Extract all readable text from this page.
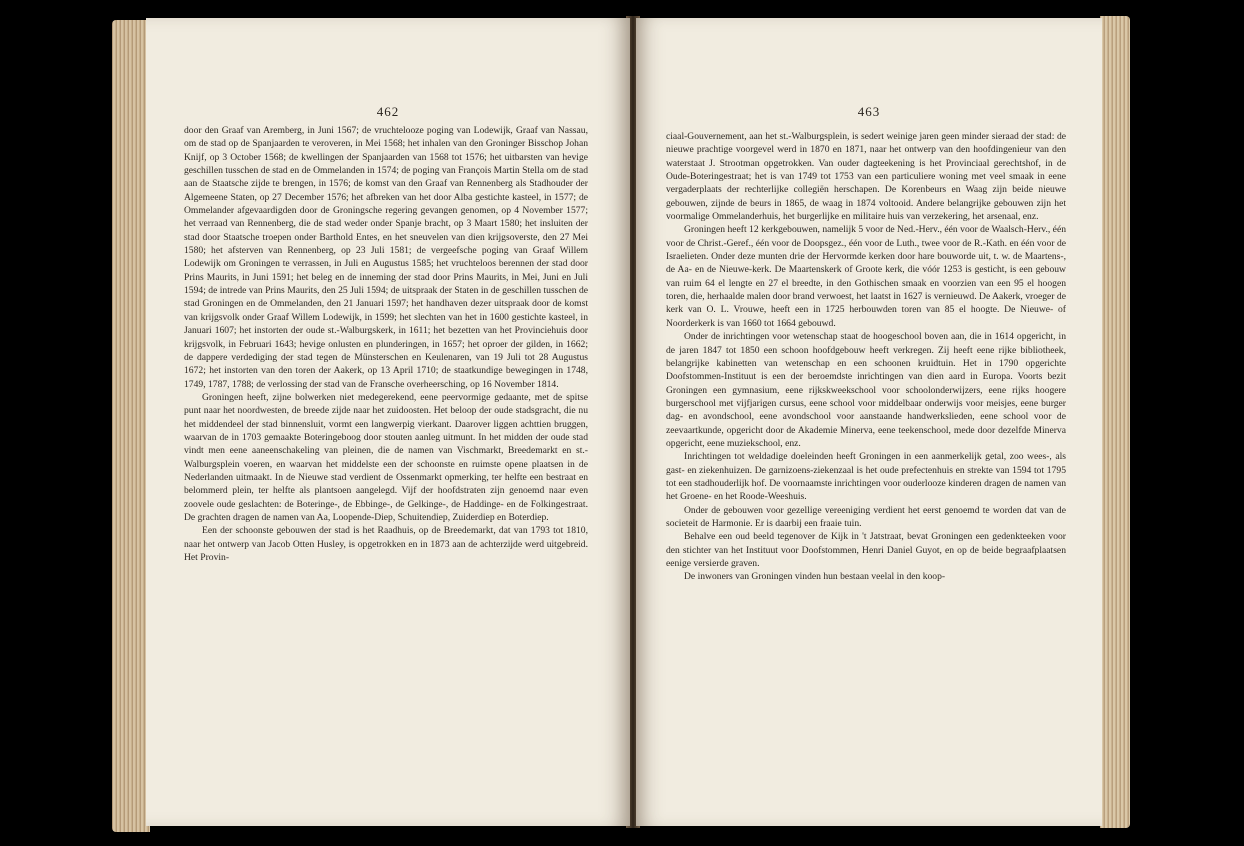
462

door den Graaf van Aremberg, in Juni 1567; de vruchtelooze poging van Lodewijk, Graaf van Nassau, om de stad op de Spanjaarden te veroveren, in Mei 1568; het inhalen van den Groninger Bisschop Johan Knijf, op 3 October 1568; de kwellingen der Spanjaarden van 1568 tot 1576; het uitbarsten van hevige geschillen tusschen de stad en de Ommelanden in 1574; de poging van François Martin Stella om de stad aan de Staatsche zijde te brengen, in 1576; de komst van den Graaf van Rennenberg als Stadhouder der Algemeene Staten, op 27 December 1576; het afbreken van het door Alba gestichte kasteel, in 1577; de Ommelander afgevaardigden door de Groningsche regering gevangen genomen, op 4 November 1577; het verraad van Rennenberg, die de stad weder onder Spanje bracht, op 3 Maart 1580; het insluiten der stad door Staatsche troepen onder Barthold Entes, en het sneuvelen van dien krijgsoverste, den 27 Mei 1580; het afsterven van Rennenberg, op 23 Juli 1581; de vergeefsche poging van Graaf Willem Lodewijk om Groningen te verrassen, in Juli en Augustus 1585; het vruchteloos berennen der stad door Prins Maurits, in Juni 1591; het beleg en de inneming der stad door Prins Maurits, in Mei, Juni en Juli 1594; de intrede van Prins Maurits, den 25 Juli 1594; de uitspraak der Staten in de geschillen tusschen de stad Groningen en de Ommelanden, den 21 Januari 1597; het handhaven dezer uitspraak door de komst van krijgsvolk onder Graaf Willem Lodewijk, in 1599; het slechten van het in 1600 gestichte kasteel, in Januari 1607; het instorten der oude st.-Walburgskerk, in 1611; het bezetten van het Provinciehuis door krijgsvolk, in Februari 1643; hevige onlusten en plunderingen, in 1657; het oproer der gilden, in 1662; de dappere verdediging der stad tegen de Münsterschen en Keulenaren, van 19 Juli tot 28 Augustus 1672; het instorten van den toren der Aakerk, op 13 April 1710; de staatkundige bewegingen in 1748, 1749, 1787, 1788; de verlossing der stad van de Fransche overheersching, op 16 November 1814.

Groningen heeft, zijne bolwerken niet medegerekend, eene peervormige gedaante, met de spitse punt naar het noordwesten, de breede zijde naar het zuidoosten. Het beloop der oude stadsgracht, die nu het middendeel der stad binnensluit, vormt een langwerpig vierkant. Daarover liggen achttien bruggen, waarvan de in 1703 gemaakte Boteringeboog door stouten aanleg uitmunt. In het midden der oude stad vindt men eene aaneenschakeling van pleinen, die de namen van Vischmarkt, Breedemarkt en st.-Walburgsplein voeren, en waarvan het middelste een der schoonste en ruimste opene plaatsen in de Nederlanden uitmaakt. In de Nieuwe stad verdient de Ossenmarkt opmerking, ter helfte een bestraat en belommerd plein, ter helfte als plantsoen aangelegd. Vijf der hoofdstraten zijn genoemd naar even zoovele oude geslachten: de Boteringe-, de Ebbinge-, de Gelkinge-, de Haddinge- en de Folkingestraat. De grachten dragen de namen van Aa, Loopende-Diep, Schuitendiep, Zuiderdiep en Boterdiep.

Een der schoonste gebouwen der stad is het Raadhuis, op de Breedemarkt, dat van 1793 tot 1810, naar het ontwerp van Jacob Otten Husley, is opgetrokken en in 1873 aan de achterzijde werd uitgebreid. Het Provin-

463

ciaal-Gouvernement, aan het st.-Walburgsplein, is sedert weinige jaren geen minder sieraad der stad: de nieuwe prachtige voorgevel werd in 1870 en 1871, naar het ontwerp van den hoofdingenieur van den waterstaat J. Strootman opgetrokken. Van ouder dagteekening is het Provinciaal gerechtshof, in de Oude-Boteringestraat; het is van 1749 tot 1753 van een particuliere woning met veel smaak in eene vergaderplaats der rechterlijke collegiën herschapen. De Korenbeurs en Waag zijn beide nieuwe gebouwen, zijnde de beurs in 1865, de waag in 1874 voltooid. Andere belangrijke gebouwen zijn het voormalige Ommelanderhuis, het burgerlijke en militaire huis van verzekering, het arsenaal, enz.

Groningen heeft 12 kerkgebouwen, namelijk 5 voor de Ned.-Herv., één voor de Waalsch-Herv., één voor de Christ.-Geref., één voor de Doopsgez., één voor de Luth., twee voor de R.-Kath. en één voor de Israelieten. Onder deze munten drie der Hervormde kerken door hare bouworde uit, t. w. de Maartens-, de Aa- en de Nieuwe-kerk. De Maartenskerk of Groote kerk, die vóór 1253 is gesticht, is een gebouw van ruim 64 el lengte en 27 el breedte, in den Gothischen smaak en voorzien van een 95 el hoogen toren, die, herhaalde malen door brand verwoest, het laatst in 1627 is vernieuwd. De Aakerk, vroeger de kerk van O. L. Vrouwe, heeft een in 1725 herbouwden toren van 85 el hoogte. De Nieuwe- of Noorderkerk is van 1660 tot 1664 gebouwd.

Onder de inrichtingen voor wetenschap staat de hoogeschool boven aan, die in 1614 opgericht, in de jaren 1847 tot 1850 een schoon hoofdgebouw heeft verkregen. Zij heeft eene rijke bibliotheek, belangrijke kabinetten van wetenschap en een schoonen kruidtuin. Het in 1790 opgerichte Doofstommen-Instituut is een der beroemdste inrichtingen van dien aard in Europa. Voorts bezit Groningen een gymnasium, eene rijkskweekschool voor schoolonderwijzers, eene rijks hoogere burgerschool met vijfjarigen cursus, eene school voor middelbaar onderwijs voor meisjes, eene burger dag- en avondschool, eene avondschool voor aanstaande handwerkslieden, eene school voor de zeevaartkunde, opgericht door de Akademie Minerva, eene teekenschool, mede door dezelfde Minerva opgericht, eene muziekschool, enz.

Inrichtingen tot weldadige doeleinden heeft Groningen in een aanmerkelijk getal, zoo wees-, als gast- en ziekenhuizen. De garnizoens-ziekenzaal is het oude prefectenhuis en strekte van 1594 tot 1795 tot een stadhouderlijk hof. De voornaamste inrichtingen voor ouderlooze kinderen dragen de namen van het Groene- en het Roode-Weeshuis.

Onder de gebouwen voor gezellige vereeniging verdient het eerst genoemd te worden dat van de societeit de Harmonie. Er is daarbij een fraaie tuin.

Behalve een oud beeld tegenover de Kijk in 't Jatstraat, bevat Groningen een gedenkteeken voor den stichter van het Instituut voor Doofstommen, Henri Daniel Guyot, en op de beide begraafplaatsen eenige versierde graven.

De inwoners van Groningen vinden hun bestaan veelal in den koop-
